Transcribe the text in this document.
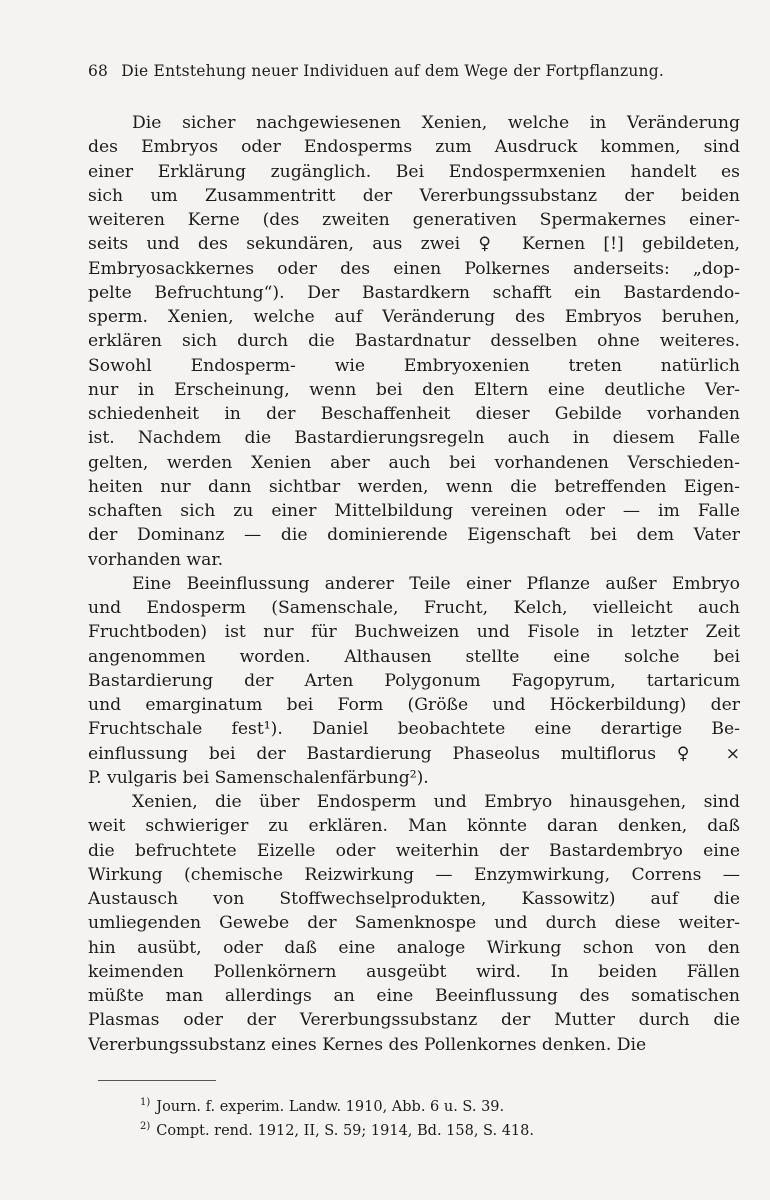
68 Die Entstehung neuer Individuen auf dem Wege der Fortpflanzung.
Die sicher nachgewiesenen Xenien, welche in Veränderung
des Embryos oder Endosperms zum Ausdruck kommen, sind
einer Erklärung zugänglich. Bei Endospermxenien handelt es
sich um Zusammentritt der Vererbungssubstanz der beiden
weiteren Kerne (des zweiten generativen Spermakernes einer-
seits und des sekundären, aus zwei ♀ Kernen [!] gebildeten,
Embryosackkernes oder des einen Polkernes anderseits: „dop-
pelte Befruchtung“). Der Bastardkern schafft ein Bastardendo-
sperm. Xenien, welche auf Veränderung des Embryos beruhen,
erklären sich durch die Bastardnatur desselben ohne weiteres.
Sowohl Endosperm- wie Embryoxenien treten natürlich
nur in Erscheinung, wenn bei den Eltern eine deutliche Ver-
schiedenheit in der Beschaffenheit dieser Gebilde vorhanden
ist. Nachdem die Bastardierungsregeln auch in diesem Falle
gelten, werden Xenien aber auch bei vorhandenen Verschieden-
heiten nur dann sichtbar werden, wenn die betreffenden Eigen-
schaften sich zu einer Mittelbildung vereinen oder — im Falle
der Dominanz — die dominierende Eigenschaft bei dem Vater
vorhanden war.
Eine Beeinflussung anderer Teile einer Pflanze außer Embryo
und Endosperm (Samenschale, Frucht, Kelch, vielleicht auch
Fruchtboden) ist nur für Buchweizen und Fisole in letzter Zeit
angenommen worden. Althausen stellte eine solche bei
Bastardierung der Arten Polygonum Fagopyrum, tartaricum
und emarginatum bei Form (Größe und Höckerbildung) der
Fruchtschale fest¹). Daniel beobachtete eine derartige Be-
einflussung bei der Bastardierung Phaseolus multiflorus ♀ ×
P. vulgaris bei Samenschalenfärbung²).
Xenien, die über Endosperm und Embryo hinausgehen, sind
weit schwieriger zu erklären. Man könnte daran denken, daß
die befruchtete Eizelle oder weiterhin der Bastardembryo eine
Wirkung (chemische Reizwirkung — Enzymwirkung, Correns —
Austausch von Stoffwechselprodukten, Kassowitz) auf die
umliegenden Gewebe der Samenknospe und durch diese weiter-
hin ausübt, oder daß eine analoge Wirkung schon von den
keimenden Pollenkörnern ausgeübt wird. In beiden Fällen
müßte man allerdings an eine Beeinflussung des somatischen
Plasmas oder der Vererbungssubstanz der Mutter durch die
Vererbungssubstanz eines Kernes des Pollenkornes denken. Die
$^{1)}$ Journ. f. experim. Landw. 1910, Abb. 6 u. S. 39.
$^{2)}$ Compt. rend. 1912, II, S. 59; 1914, Bd. 158, S. 418.
